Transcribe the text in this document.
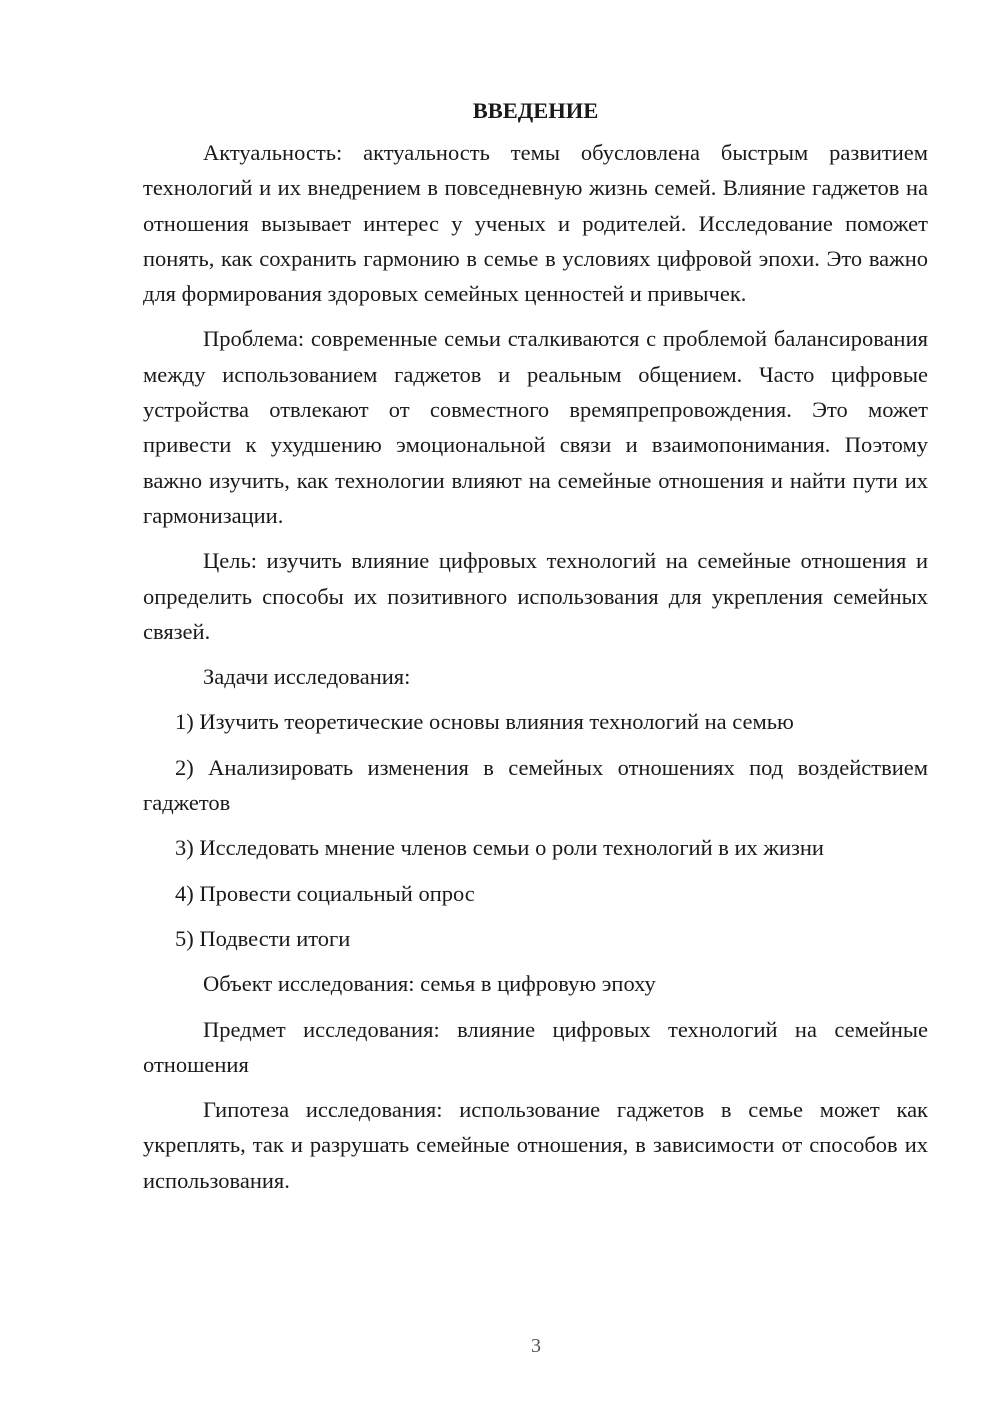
ВВЕДЕНИЕ

Актуальность: актуальность темы обусловлена быстрым развитием технологий и их внедрением в повседневную жизнь семей. Влияние гаджетов на отношения вызывает интерес у ученых и родителей. Исследование поможет понять, как сохранить гармонию в семье в условиях цифровой эпохи. Это важно для формирования здоровых семейных ценностей и привычек.

Проблема: современные семьи сталкиваются с проблемой балансирования между использованием гаджетов и реальным общением. Часто цифровые устройства отвлекают от совместного времяпрепровождения. Это может привести к ухудшению эмоциональной связи и взаимопонимания. Поэтому важно изучить, как технологии влияют на семейные отношения и найти пути их гармонизации.

Цель: изучить влияние цифровых технологий на семейные отношения и определить способы их позитивного использования для укрепления семейных связей.

Задачи исследования:

1) Изучить теоретические основы влияния технологий на семью

2) Анализировать изменения в семейных отношениях под воздействием гаджетов

3) Исследовать мнение членов семьи о роли технологий в их жизни

4) Провести социальный опрос

5) Подвести итоги

Объект исследования: семья в цифровую эпоху

Предмет исследования: влияние цифровых технологий на семейные отношения

Гипотеза исследования: использование гаджетов в семье может как укреплять, так и разрушать семейные отношения, в зависимости от способов их использования.

3
